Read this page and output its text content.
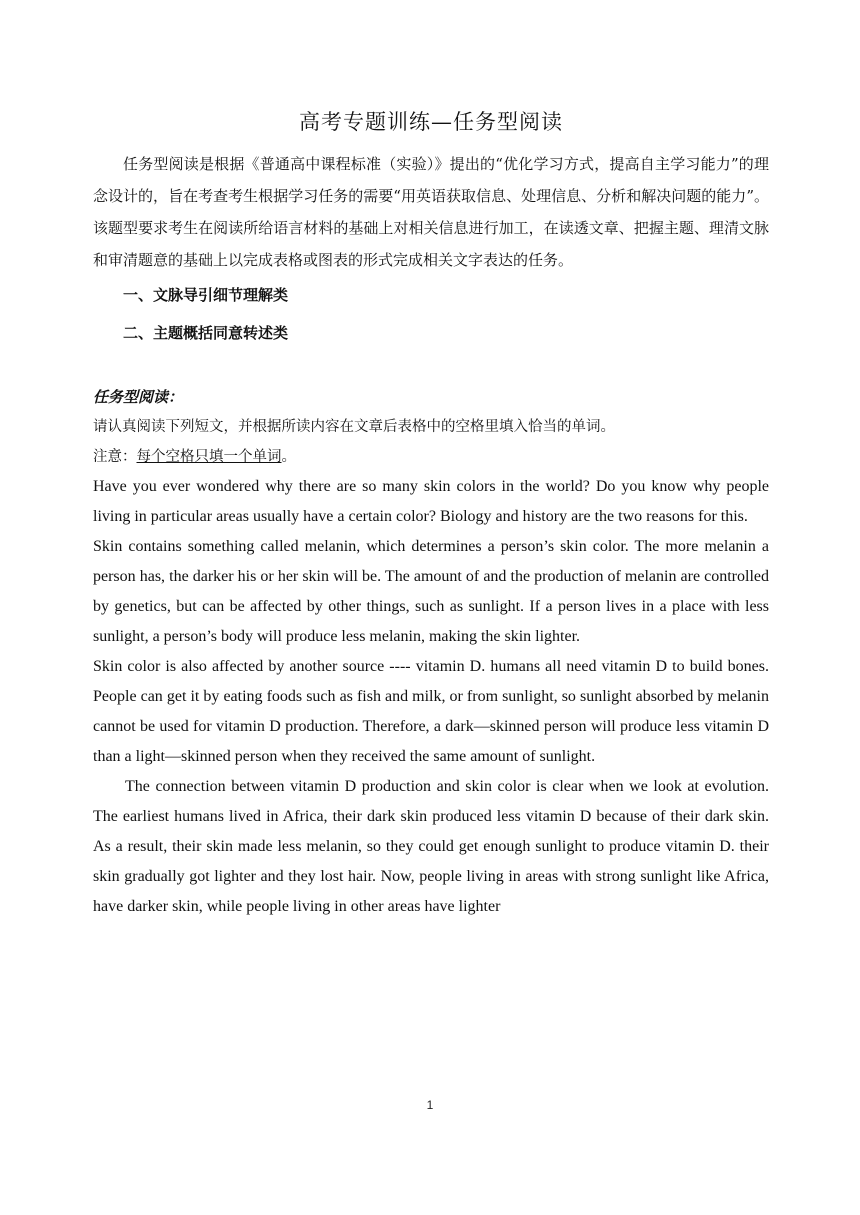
高考专题训练—任务型阅读

任务型阅读是根据《普通高中课程标准（实验）》提出的“优化学习方式，提高自主学习能力”的理念设计的，旨在考查考生根据学习任务的需要“用英语获取信息、处理信息、分析和解决问题的能力”。该题型要求考生在阅读所给语言材料的基础上对相关信息进行加工，在读透文章、把握主题、理清文脉和审清题意的基础上以完成表格或图表的形式完成相关文字表达的任务。

一、文脉导引细节理解类

二、主题概括同意转述类

任务型阅读：

请认真阅读下列短文，并根据所读内容在文章后表格中的空格里填入恰当的单词。

注意：每个空格只填一个单词。

Have you ever wondered why there are so many skin colors in the world? Do you know why people living in particular areas usually have a certain color? Biology and history are the two reasons for this.

Skin contains something called melanin, which determines a person’s skin color. The more melanin a person has, the darker his or her skin will be. The amount of and the production of melanin are controlled by genetics, but can be affected by other things, such as sunlight. If a person lives in a place with less sunlight, a person’s body will produce less melanin, making the skin lighter.

Skin color is also affected by another source ---- vitamin D. humans all need vitamin D to build bones. People can get it by eating foods such as fish and milk, or from sunlight, so sunlight absorbed by melanin cannot be used for vitamin D production. Therefore, a dark—skinned person will produce less vitamin D than a light—skinned person when they received the same amount of sunlight.

The connection between vitamin D production and skin color is clear when we look at evolution. The earliest humans lived in Africa, their dark skin produced less vitamin D because of their dark skin. As a result, their skin made less melanin, so they could get enough sunlight to produce vitamin D. their skin gradually got lighter and they lost hair. Now, people living in areas with strong sunlight like Africa, have darker skin, while people living in other areas have lighter

1
